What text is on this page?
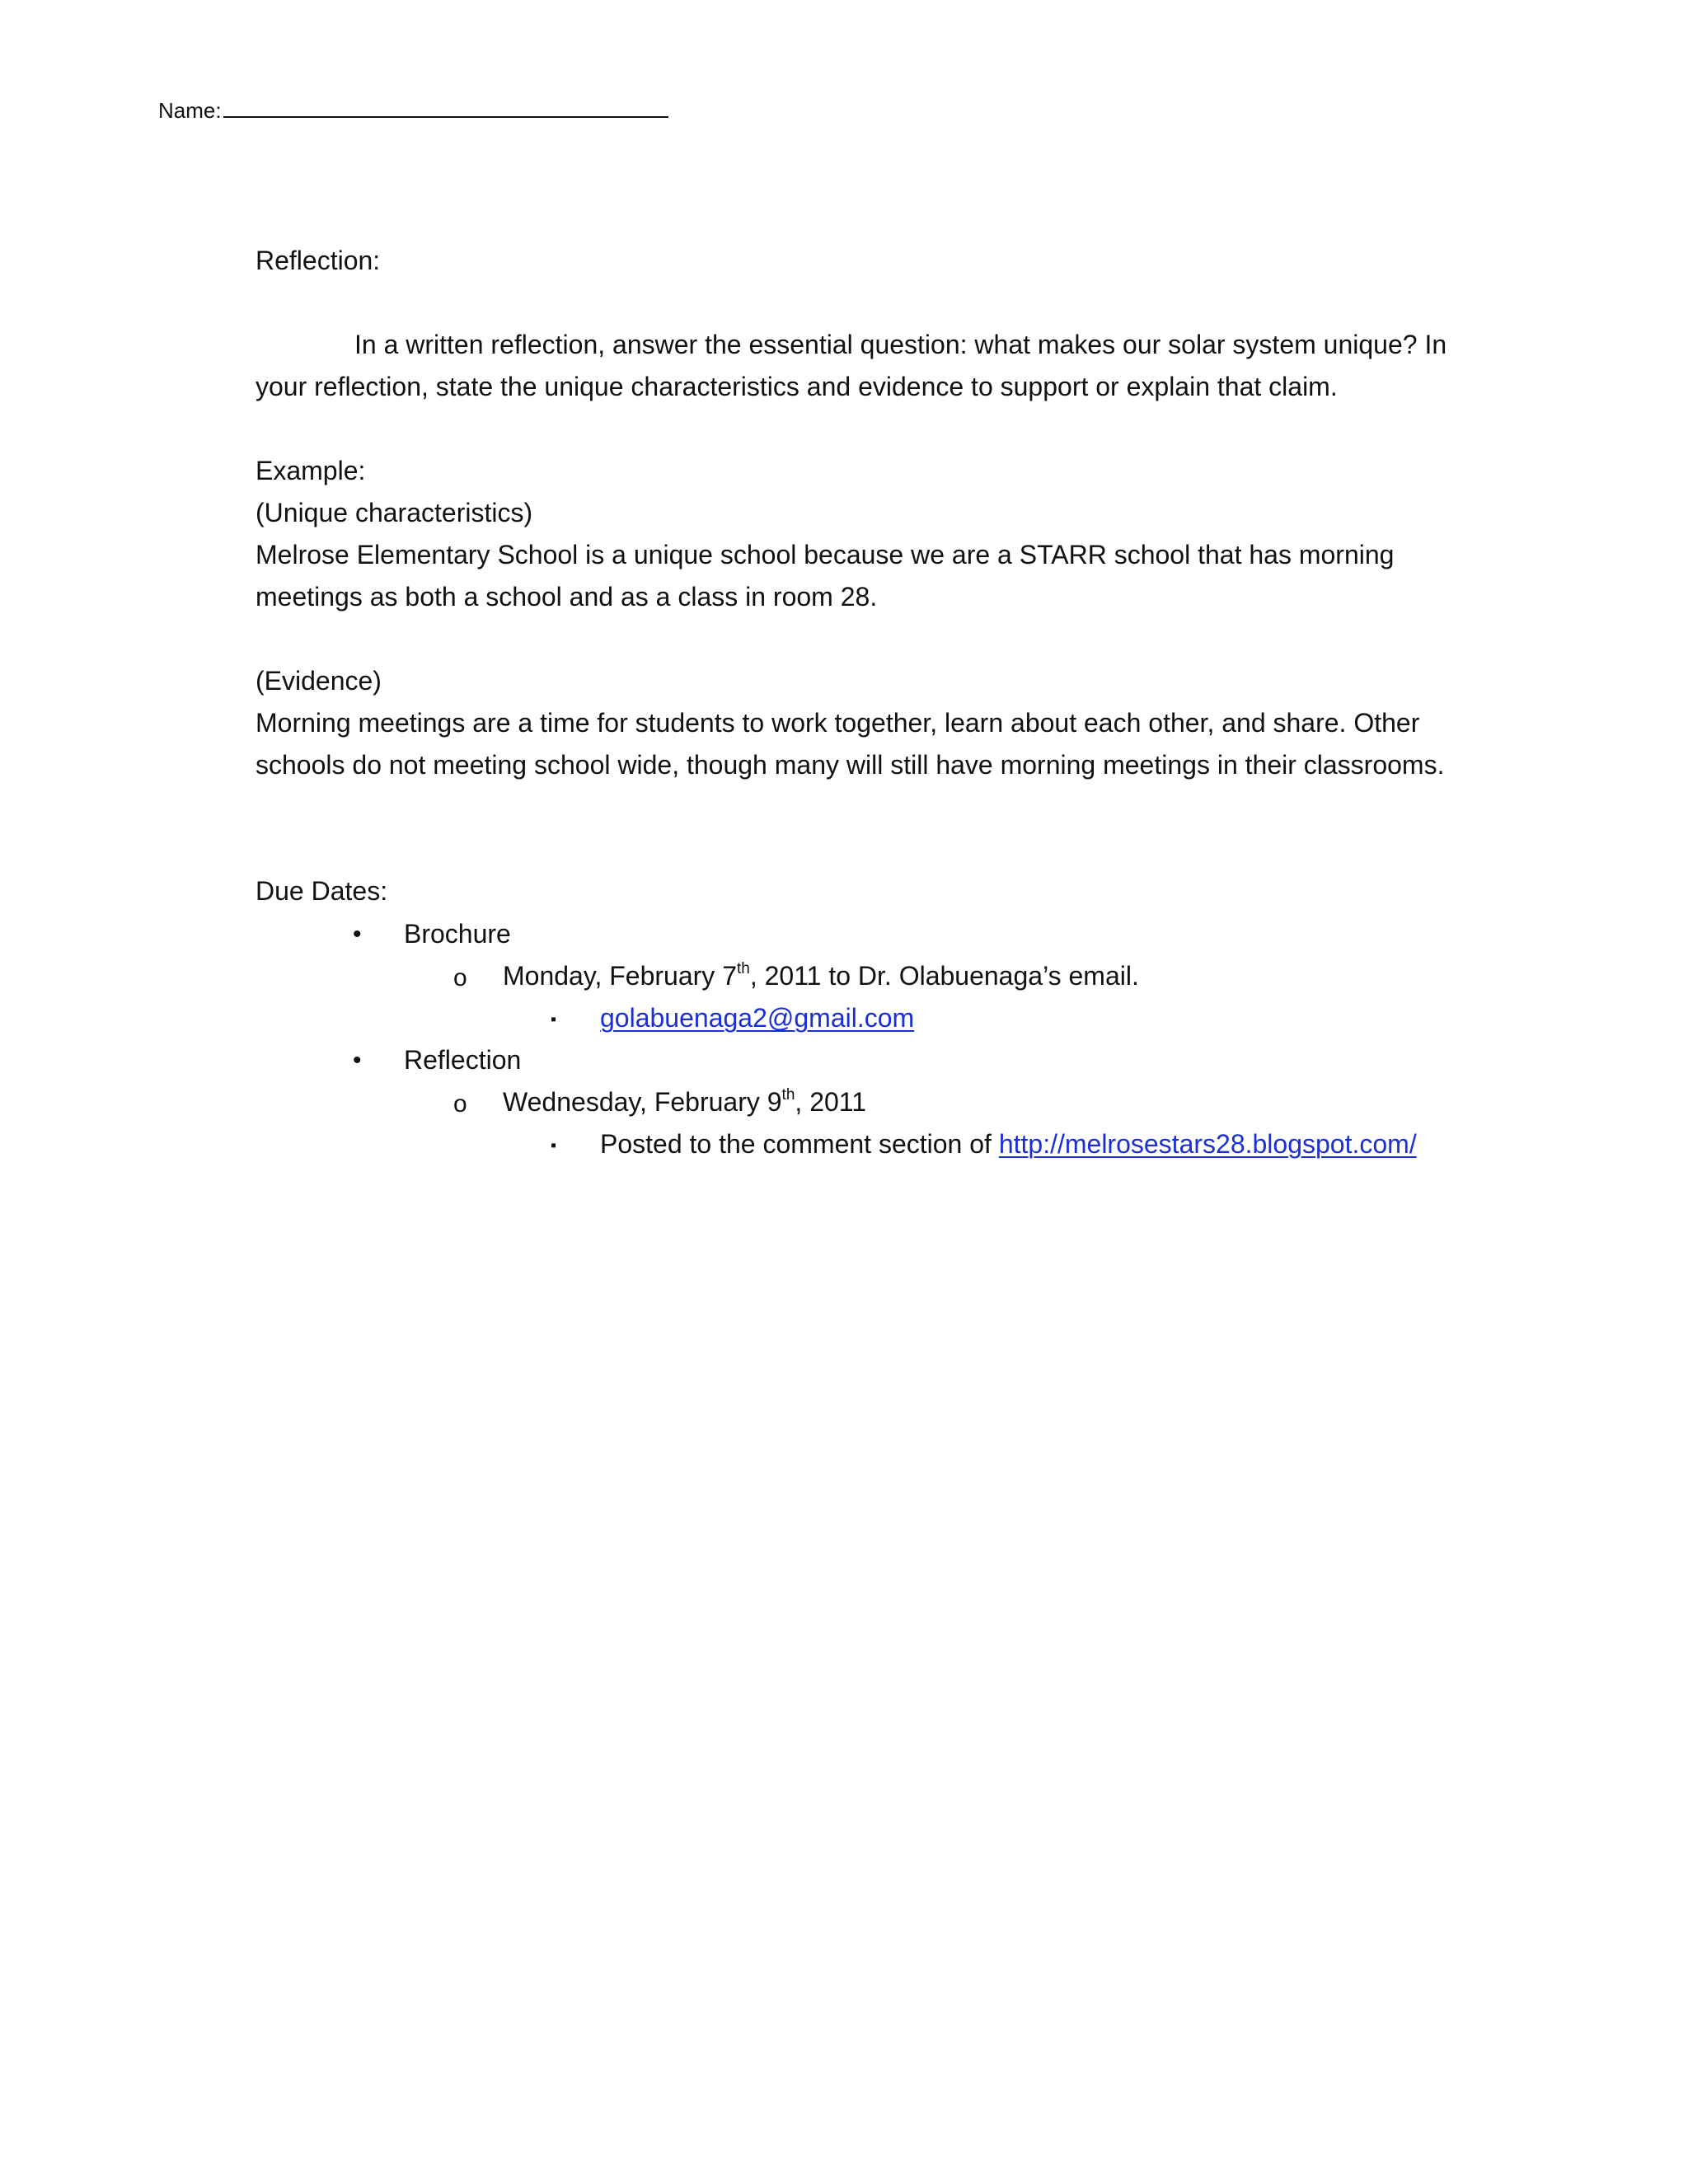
Name:
Reflection:
In a written reflection, answer the essential question: what makes our solar system unique? In
your reflection, state the unique characteristics and evidence to support or explain that claim.
Example:
(Unique characteristics)
Melrose Elementary School is a unique school because we are a STARR school that has morning
meetings as both a school and as a class in room 28.
(Evidence)
Morning meetings are a time for students to work together, learn about each other, and share. Other
schools do not meeting school wide, though many will still have morning meetings in their classrooms.
Due Dates:
• Brochure
o Monday, February 7th, 2011 to Dr. Olabuenaga’s email.
▪ golabuenaga2@gmail.com
• Reflection
o Wednesday, February 9th, 2011
▪ Posted to the comment section of http://melrosestars28.blogspot.com/
